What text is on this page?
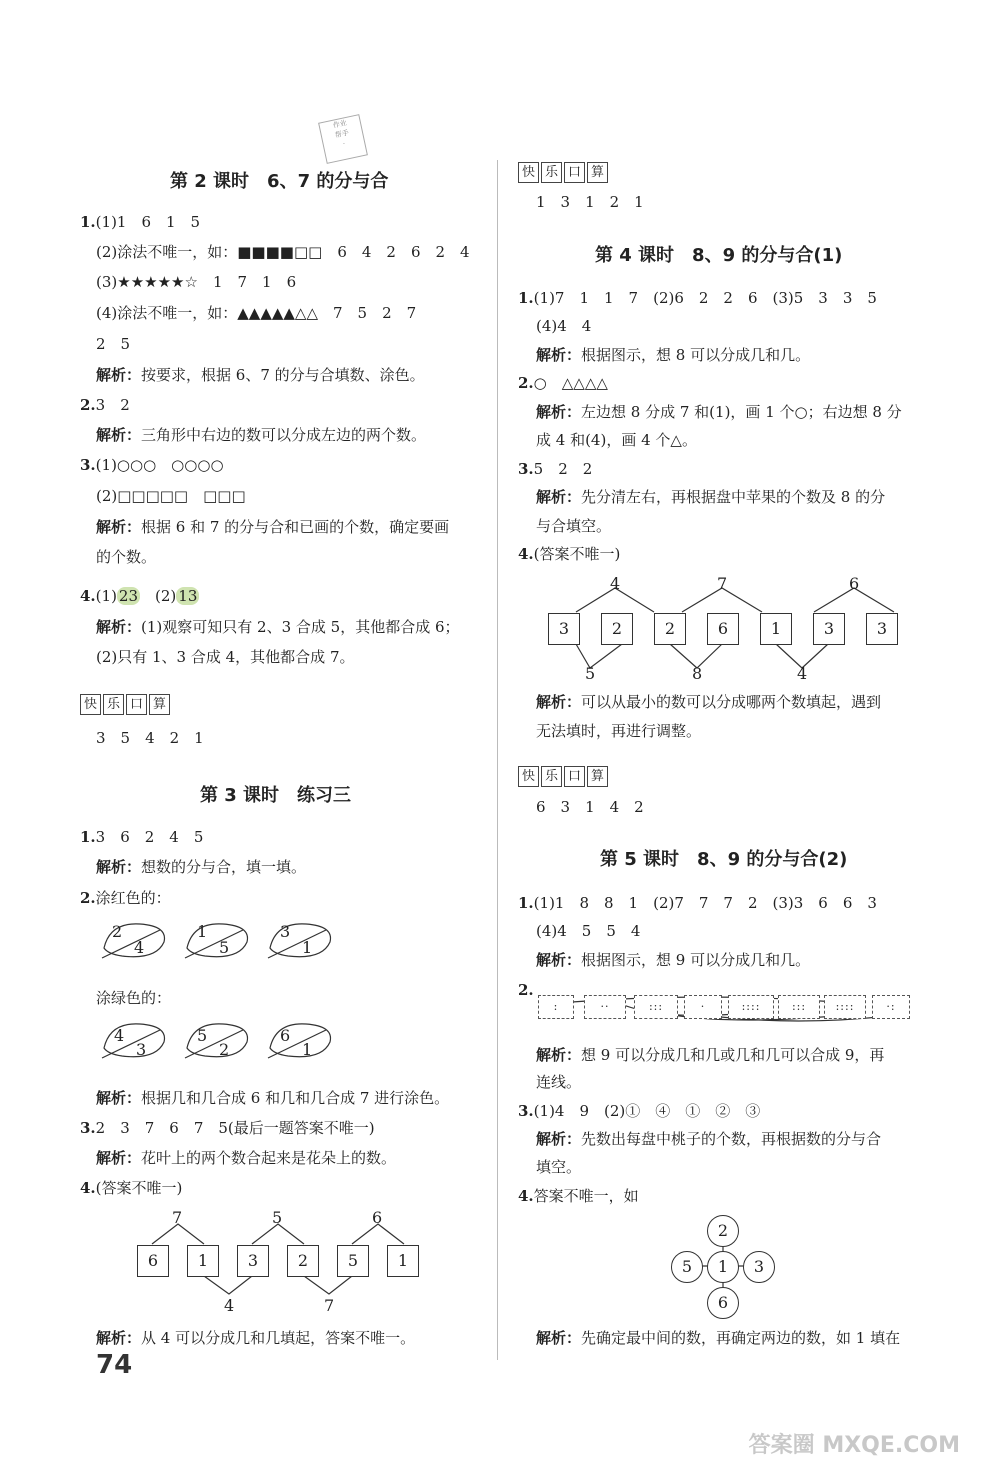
作业
帮手
·
第 2 课时　6、7 的分与合
1.(1)1　6　1　5
(2)涂法不唯一，如：■■■■□□　 6　4　2　6　2　4
(3)★★★★★☆　 1　7　1　6
(4)涂法不唯一，如：▲▲▲▲▲△△　 7　5　2　7
2　5
解析：按要求，根据 6、7 的分与合填数、涂色。
2.3　2
解析：三角形中右边的数可以分成左边的两个数。
3.(1)○○○　○○○○
(2)□□□□□　□□□
解析：根据 6 和 7 的分与合和已画的个数，确定要画
的个数。
4.(1) 23　 (2) 13
解析：(1)观察可知只有 2、3 合成 5，其他都合成 6；
(2)只有 1、3 合成 4，其他都合成 7。
快 乐 口 算
3　5　4　2　1
第 3 课时　练习三
1.3　6　2　4　5
解析：想数的分与合，填一填。
2.涂红色的：
2
4
1
5
3
1
涂绿色的：
4
3
5
2
6
1
解析：根据几和几合成 6 和几和几合成 7 进行涂色。
3.2　3　7　6　7　5(最后一题答案不唯一)
解析：花叶上的两个数合起来是花朵上的数。
4.(答案不唯一)
7	5	6
6	1	3	2	5	1
4	7
解析：从 4 可以分成几和几填起，答案不唯一。
快 乐 口 算
1　3　1　2　1
第 4 课时　8、9 的分与合(1)
1.(1)7　1　1　7　(2)6　2　2　6　(3)5　3　3　5
(4)4　4
解析：根据图示，想 8 可以分成几和几。
2.○　△△△△
解析：左边想 8 分成 7 和(1)，画 1 个○；右边想 8 分
成 4 和(4)，画 4 个△。
3.5　2　2
解析：先分清左右，再根据盘中苹果的个数及 8 的分
与合填空。
4.(答案不唯一)
4	7	6
3	2	2	6	1	3	3
5	8	4
解析：可以从最小的数可以分成哪两个数填起，遇到
无法填时，再进行调整。
快 乐 口 算
6　3　1　4　2
第 5 课时　8、9 的分与合(2)
1.(1)1　8　8　1　(2)7　7　7　2　(3)3　6　6　3
(4)4　5　5　4
解析：根据图示，想 9 可以分成几和几。
2.
:	··	:::	·	::::	:::	::::	·:
解析：想 9 可以分成几和几或几和几可以合成 9，再
连线。
3.(1)4　9　(2)①　④　①　②　③
解析：先数出每盘中桃子的个数，再根据数的分与合
填空。
4.答案不唯一，如
2
5	1	3
6
解析：先确定最中间的数，再确定两边的数，如 1 填在
74
答案圈 MXQE.COM
